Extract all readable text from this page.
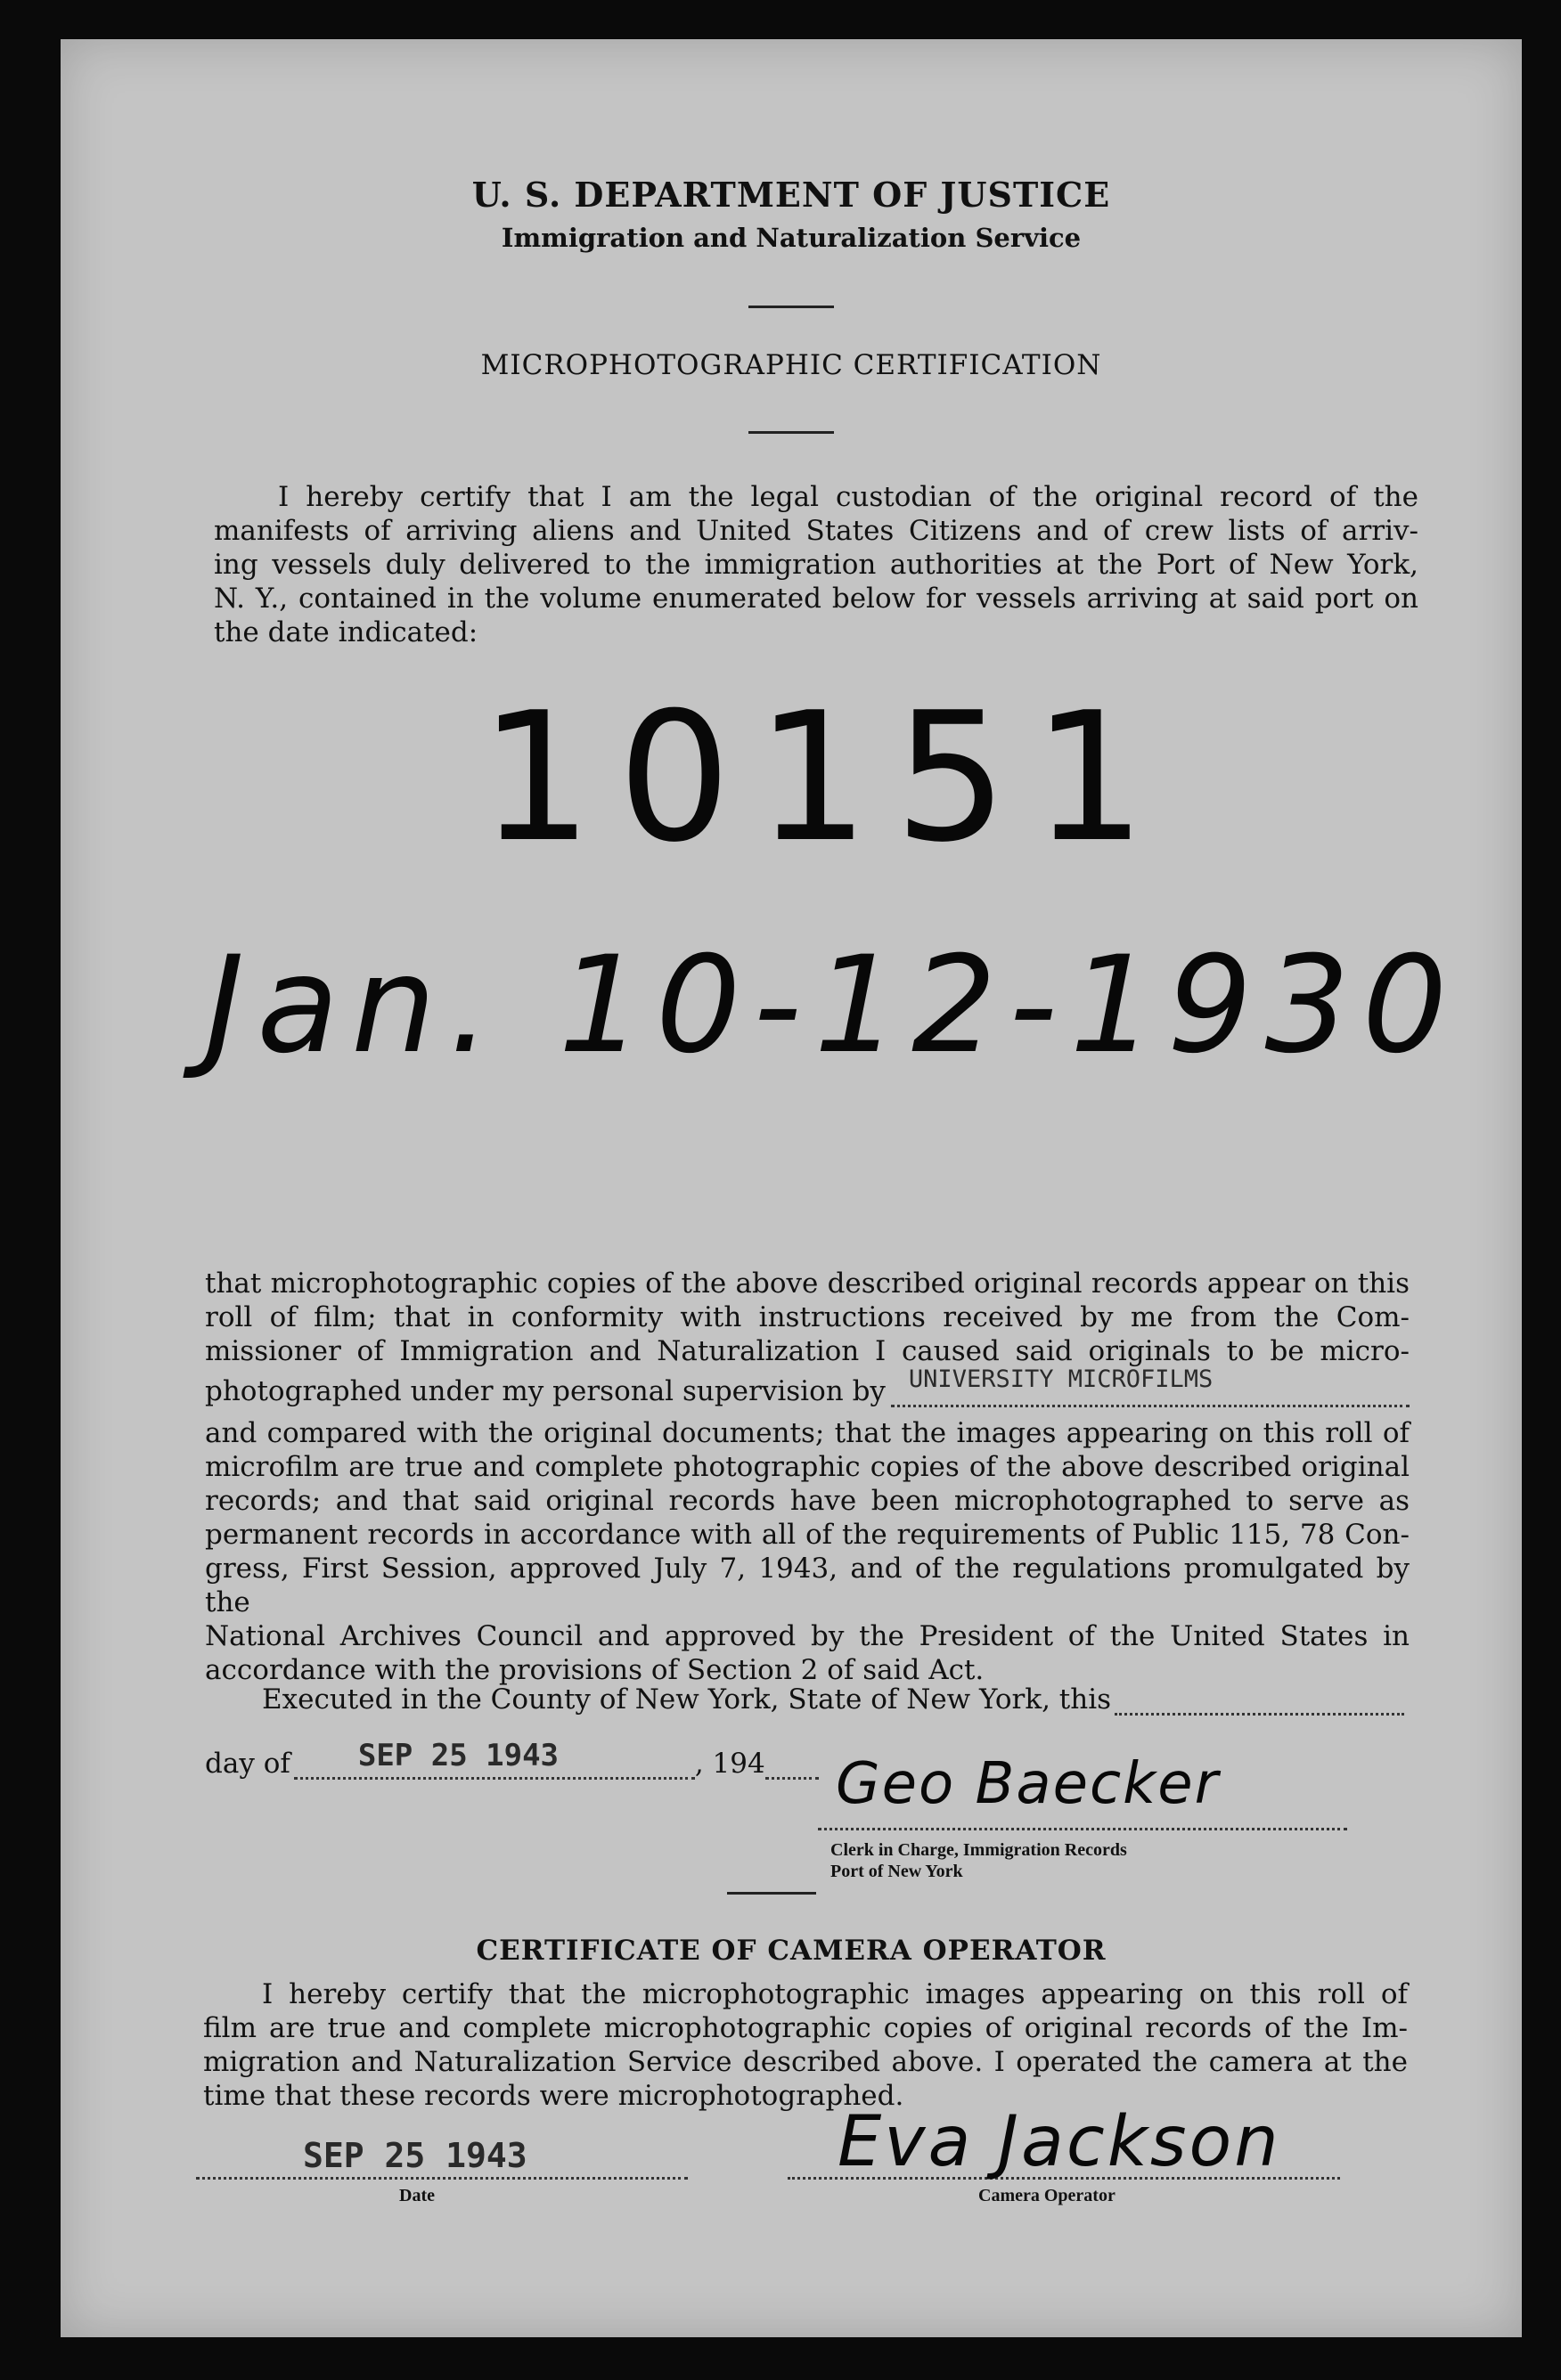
U. S. DEPARTMENT OF JUSTICE
Immigration and Naturalization Service
MICROPHOTOGRAPHIC CERTIFICATION
I hereby certify that I am the legal custodian of the original record of the
manifests of arriving aliens and United States Citizens and of crew lists of arriv-
ing vessels duly delivered to the immigration authorities at the Port of New York,
N. Y., contained in the volume enumerated below for vessels arriving at said port on
the date indicated:
10151
Jan. 10-12-1930
that microphotographic copies of the above described original records appear on this
roll of film; that in conformity with instructions received by me from the Com-
missioner of Immigration and Naturalization I caused said originals to be micro-
photographed under my personal supervision by UNIVERSITY MICROFILMS
and compared with the original documents; that the images appearing on this roll of
microfilm are true and complete photographic copies of the above described original
records; and that said original records have been microphotographed to serve as
permanent records in accordance with all of the requirements of Public 115, 78 Con-
gress, First Session, approved July 7, 1943, and of the regulations promulgated by the
National Archives Council and approved by the President of the United States in
accordance with the provisions of Section 2 of said Act.
Executed in the County of New York, State of New York, this
day of SEP 25 1943	, 194 Geo Baecker
Clerk in Charge, Immigration Records
Port of New York
CERTIFICATE OF CAMERA OPERATOR
I hereby certify that the microphotographic images appearing on this roll of
film are true and complete microphotographic copies of original records of the Im-
migration and Naturalization Service described above. I operated the camera at the
time that these records were microphotographed.
SEP 25 1943
Date
Eva Jackson
Camera Operator
